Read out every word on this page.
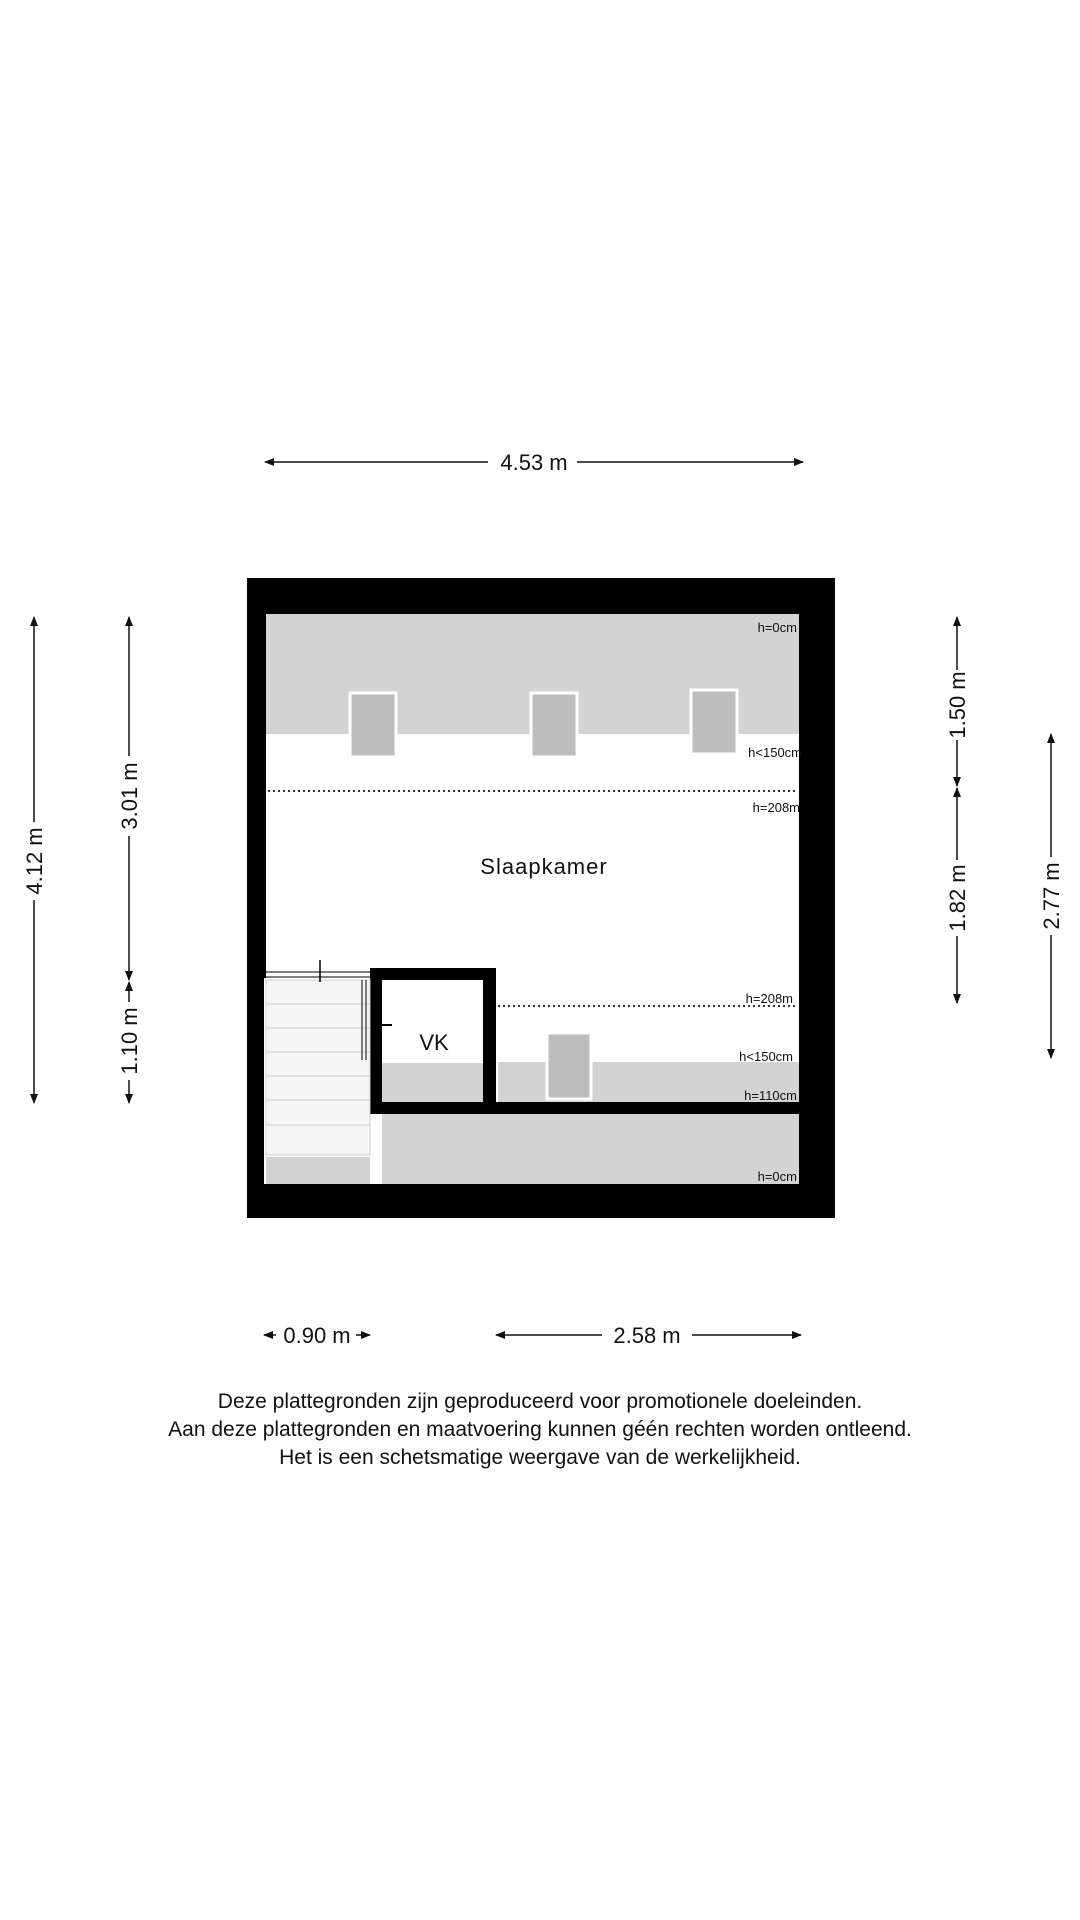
Slaapkamer
VK
h=0cm
h<150cm
h=208m
h=208m
h<150cm
h=110cm
h=0cm
4.53 m
4.12 m
3.01 m
1.10 m
1.50 m
1.82 m	2.77 m
0.90 m	2.58 m
Deze plattegronden zijn geproduceerd voor promotionele doeleinden.
Aan deze plattegronden en maatvoering kunnen géén rechten worden ontleend.
Het is een schetsmatige weergave van de werkelijkheid.
